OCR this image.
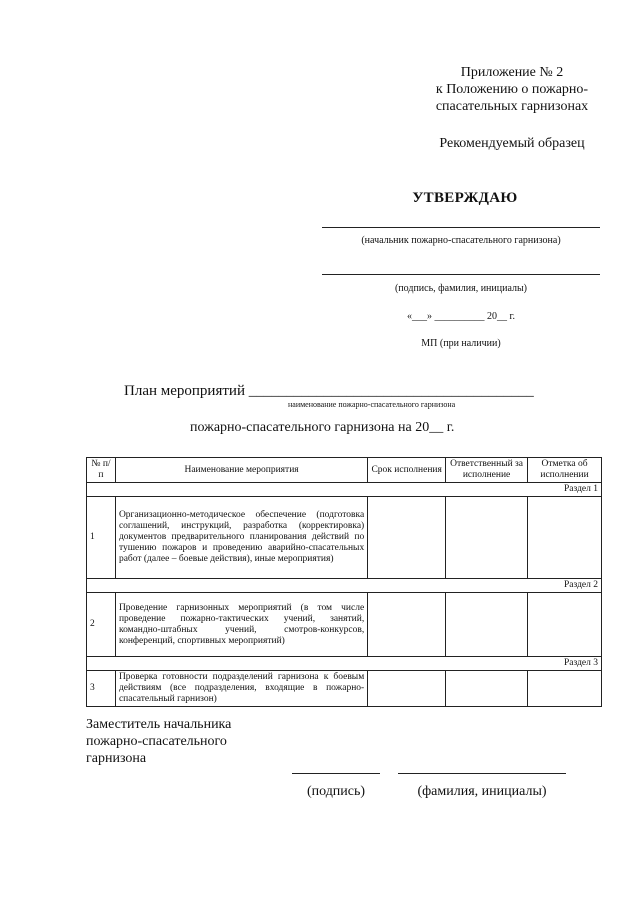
Приложение № 2
к Положению о пожарно-
спасательных гарнизонах
Рекомендуемый образец
УТВЕРЖДАЮ
(начальник пожарно-спасательного гарнизона)
(подпись, фамилия, инициалы)
«___» __________ 20__ г.
МП (при наличии)
План мероприятий ______________________________________
наименование пожарно-спасательного гарнизона
пожарно-спасательного гарнизона на 20__ г.
№ п/п	Наименование мероприятия	Срок исполнения	Ответственный за исполнение	Отметка об исполнении
Раздел 1				
1	Организационно-методическое обеспечение (подготовка соглашений, инструкций, разработка (корректировка) документов предварительного планирования действий по тушению пожаров и проведению аварийно-спасательных работ (далее – боевые действия), иные мероприятия)			
Раздел 2				
2	Проведение гарнизонных мероприятий (в том числе проведение пожарно-тактических учений, занятий, командно-штабных учений, смотров-конкурсов, конференций, спортивных мероприятий)			
Раздел 3				
3	Проверка готовности подразделений гарнизона к боевым действиям (все подразделения, входящие в пожарно-спасательный гарнизон)			
Заместитель начальника
пожарно-спасательного
гарнизона
(подпись)	(фамилия, инициалы)
